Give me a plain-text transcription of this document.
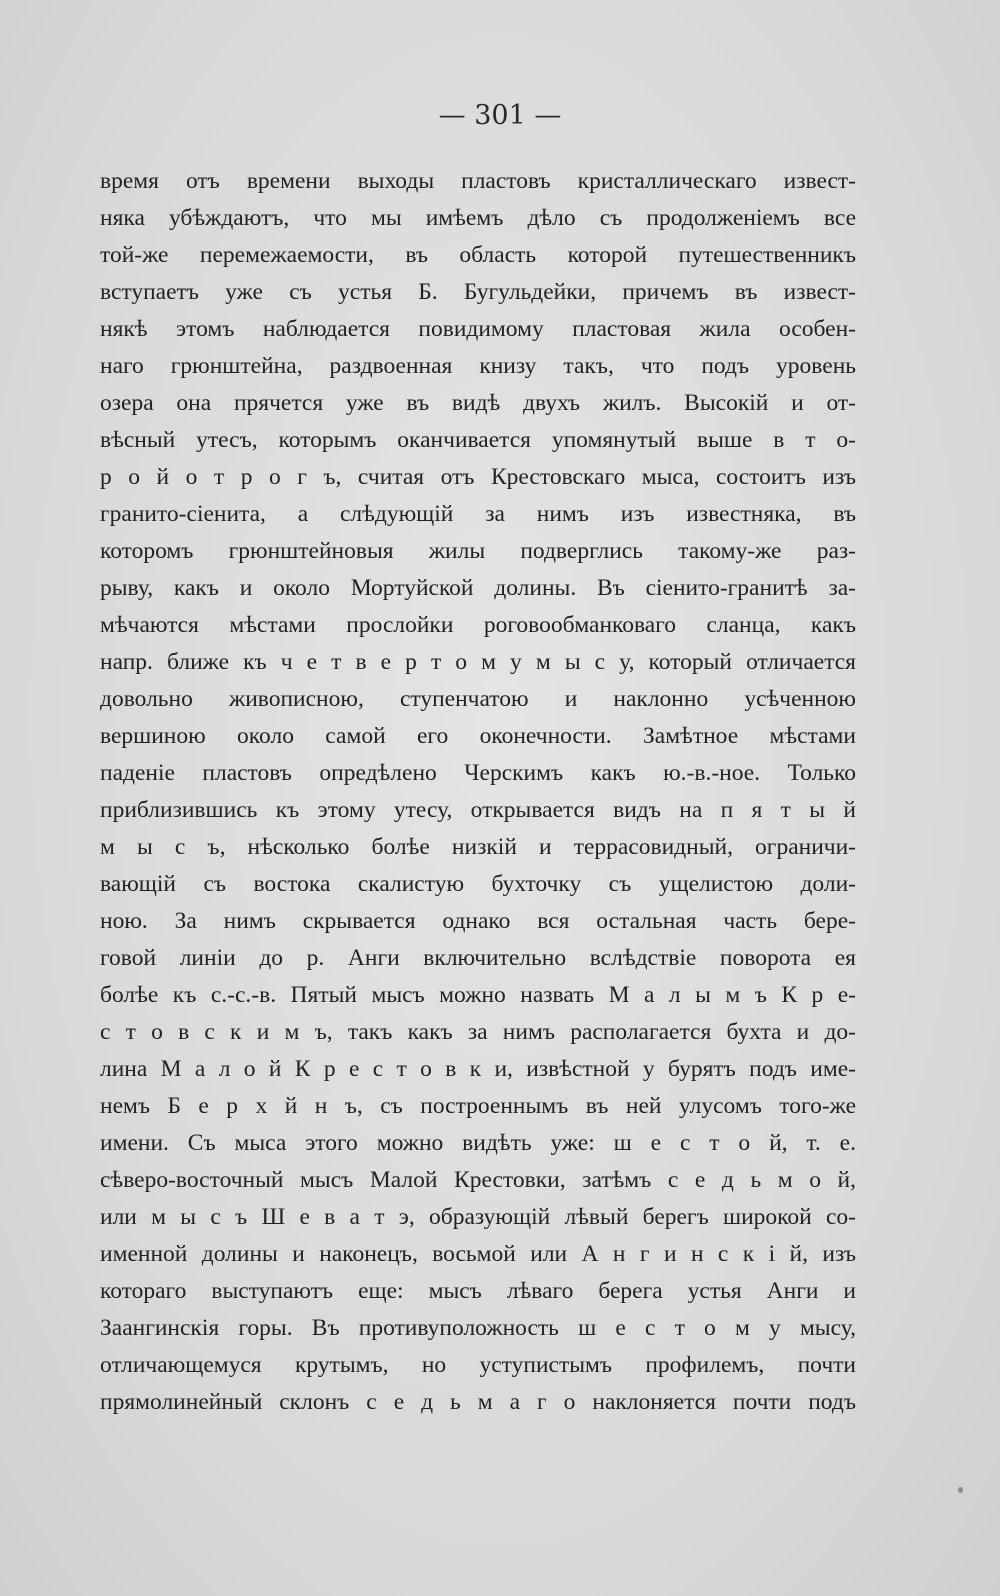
— 301 —
время отъ времени выходы пластовъ кристаллическаго извест-
няка убѣждаютъ, что мы имѣемъ дѣло съ продолженіемъ все
той-же перемежаемости, въ область которой путешественникъ
вступаетъ уже съ устья Б. Бугульдейки, причемъ въ извест-
някѣ этомъ наблюдается повидимому пластовая жила особен-
наго грюнштейна, раздвоенная книзу такъ, что подъ уровень
озера она прячется уже въ видѣ двухъ жилъ. Высокій и от-
вѣсный утесъ, которымъ оканчивается упомянутый выше в т о-
р о й о т р о г ъ, считая отъ Крестовскаго мыса, состоитъ изъ
гранито-сіенита, а слѣдующій за нимъ изъ известняка, въ
которомъ грюнштейновыя жилы подверглись такому-же раз-
рыву, какъ и около Мортуйской долины. Въ сіенито-гранитѣ за-
мѣчаются мѣстами прослойки роговообманковаго сланца, какъ
напр. ближе къ ч е т в е р т о м у м ы с у, который отличается
довольно живописною, ступенчатою и наклонно усѣченною
вершиною около самой его оконечности. Замѣтное мѣстами
паденіе пластовъ опредѣлено Черскимъ какъ ю.-в.-ное. Только
приблизившись къ этому утесу, открывается видъ на п я т ы й
м ы с ъ, нѣсколько болѣе низкій и террасовидный, ограничи-
вающій съ востока скалистую бухточку съ ущелистою доли-
ною. За нимъ скрывается однако вся остальная часть бере-
говой линіи до р. Анги включительно вслѣдствіе поворота ея
болѣе къ с.-с.-в. Пятый мысъ можно назвать М а л ы м ъ К р е-
с т о в с к и м ъ, такъ какъ за нимъ располагается бухта и до-
лина М а л о й К р е с т о в к и, извѣстной у бурятъ подъ име-
немъ Б е р х й н ъ, съ построеннымъ въ ней улусомъ того-же
имени. Съ мыса этого можно видѣть уже: ш е с т о й, т. е.
сѣверо-восточный мысъ Малой Крестовки, затѣмъ с е д ь м о й,
или м ы с ъ Ш е в а т э, образующій лѣвый берегъ широкой со-
именной долины и наконецъ, восьмой или А н г и н с к і й, изъ
котораго выступаютъ еще: мысъ лѣваго берега устья Анги и
Заангинскія горы. Въ противуположность ш е с т о м у мысу,
отличающемуся крутымъ, но уступистымъ профилемъ, почти
прямолинейный склонъ с е д ь м а г о наклоняется почти подъ
